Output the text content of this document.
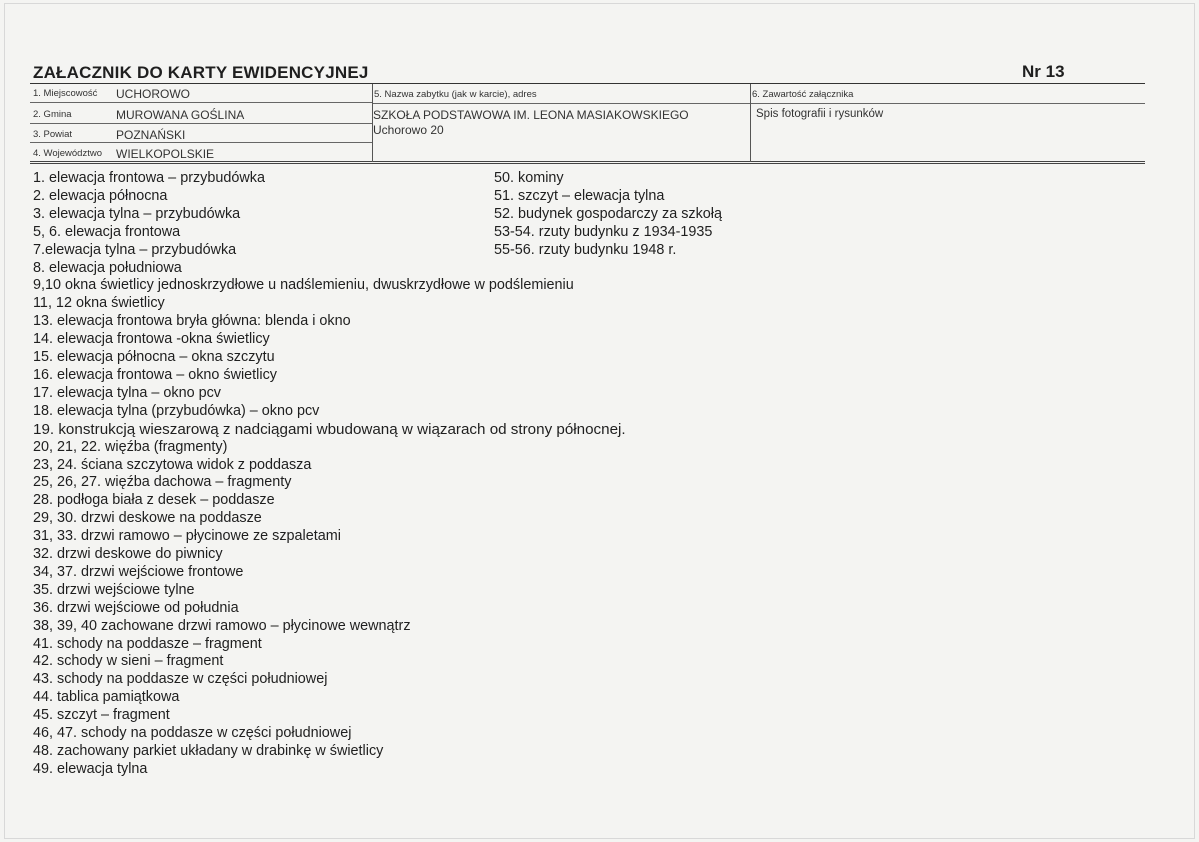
ZAŁACZNIK DO KARTY EWIDENCYJNEJ	Nr 13
1. Miejscowość UCHOROWO
2. Gmina	MUROWANA GOŚLINA
3. Powiat	POZNAŃSKI
4. Województwo WIELKOPOLSKIE
5. Nazwa zabytku (jak w karcie), adres
SZKOŁA PODSTAWOWA IM. LEONA MASIAKOWSKIEGO
Uchorowo 20
6. Zawartość załącznika
Spis fotografii i rysunków
1. elewacja frontowa – przybudówka
2. elewacja północna
3. elewacja tylna – przybudówka
5, 6. elewacja frontowa
7.elewacja tylna – przybudówka
8. elewacja południowa
9,10 okna świetlicy jednoskrzydłowe u nadślemieniu, dwuskrzydłowe w podślemieniu
11, 12 okna świetlicy
13. elewacja frontowa bryła główna: blenda i okno
14. elewacja frontowa -okna świetlicy
15. elewacja północna – okna szczytu
16. elewacja frontowa – okno świetlicy
17. elewacja tylna – okno pcv
18. elewacja tylna (przybudówka) – okno pcv
19. konstrukcją wieszarową z nadciągami wbudowaną w wiązarach od strony północnej.
20, 21, 22. więźba (fragmenty)
23, 24. ściana szczytowa widok z poddasza
25, 26, 27. więźba dachowa – fragmenty
28. podłoga biała z desek – poddasze
29, 30. drzwi deskowe na poddasze
31, 33. drzwi ramowo – płycinowe ze szpaletami
32. drzwi deskowe do piwnicy
34, 37. drzwi wejściowe frontowe
35. drzwi wejściowe tylne
36. drzwi wejściowe od południa
38, 39, 40 zachowane drzwi ramowo – płycinowe wewnątrz
41. schody na poddasze – fragment
42. schody w sieni – fragment
43. schody na poddasze w części południowej
44. tablica pamiątkowa
45. szczyt – fragment
46, 47. schody na poddasze w części południowej
48. zachowany parkiet układany w drabinkę w świetlicy
49. elewacja tylna
50. kominy
51. szczyt – elewacja tylna
52. budynek gospodarczy za szkołą
53-54. rzuty budynku z 1934-1935
55-56. rzuty budynku 1948 r.
